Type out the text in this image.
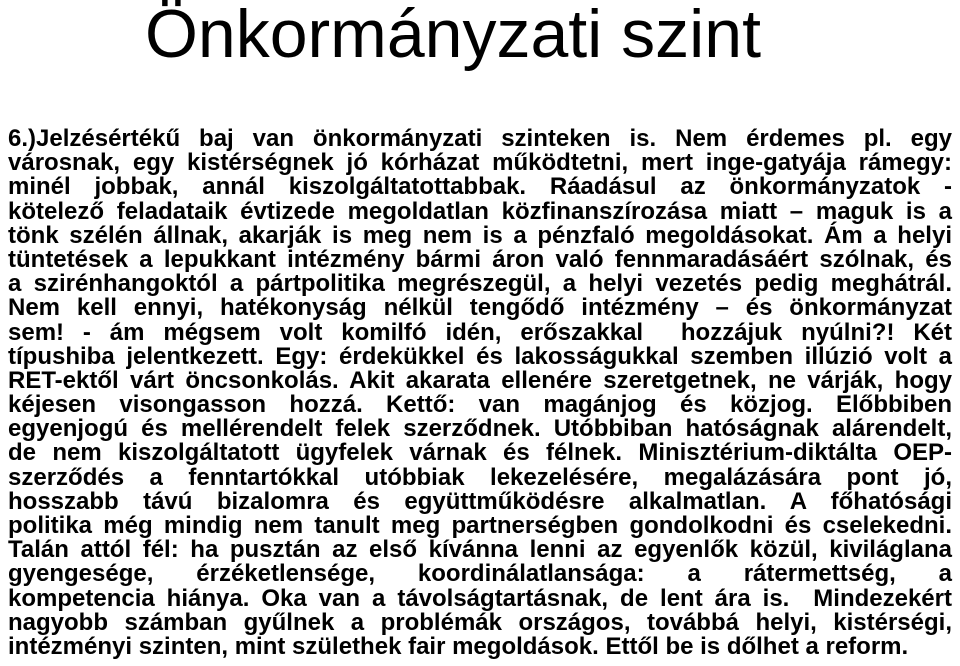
Önkormányzati szint
6.)Jelzésértékű baj van önkormányzati szinteken is. Nem érdemes pl. egy
városnak, egy kistérségnek jó kórházat működtetni, mert inge-gatyája rámegy:
minél jobbak, annál kiszolgáltatottabbak. Ráadásul az önkormányzatok -
kötelező feladataik évtizede megoldatlan közfinanszírozása miatt – maguk is a
tönk szélén állnak, akarják is meg nem is a pénzfaló megoldásokat. Ám a helyi
tüntetések a lepukkant intézmény bármi áron való fennmaradásáért szólnak, és
a szirénhangoktól a pártpolitika megrészegül, a helyi vezetés pedig meghátrál.
Nem kell ennyi, hatékonyság nélkül tengődő intézmény – és önkormányzat
sem! - ám mégsem volt komilfó idén, erőszakkal  hozzájuk nyúlni?! Két
típushiba jelentkezett. Egy: érdekükkel és lakosságukkal szemben illúzió volt a
RET-ektől várt öncsonkolás. Akit akarata ellenére szeretgetnek, ne várják, hogy
kéjesen visongasson hozzá. Kettő: van magánjog és közjog. Előbbiben
egyenjogú és mellérendelt felek szerződnek. Utóbbiban hatóságnak alárendelt,
de nem kiszolgáltatott ügyfelek várnak és félnek. Minisztérium-diktálta OEP-
szerződés a fenntartókkal utóbbiak lekezelésére, megalázására pont jó,
hosszabb távú bizalomra és együttműködésre alkalmatlan. A főhatósági
politika még mindig nem tanult meg partnerségben gondolkodni és cselekedni.
Talán attól fél: ha pusztán az első kívánna lenni az egyenlők közül, kiviláglana
gyengesége, érzéketlensége, koordinálatlansága: a rátermettség, a
kompetencia hiánya. Oka van a távolságtartásnak, de lent ára is.  Mindezekért
nagyobb számban gyűlnek a problémák országos, továbbá helyi, kistérségi,
intézményi szinten, mint születhek fair megoldások. Ettől be is dőlhet a reform.
